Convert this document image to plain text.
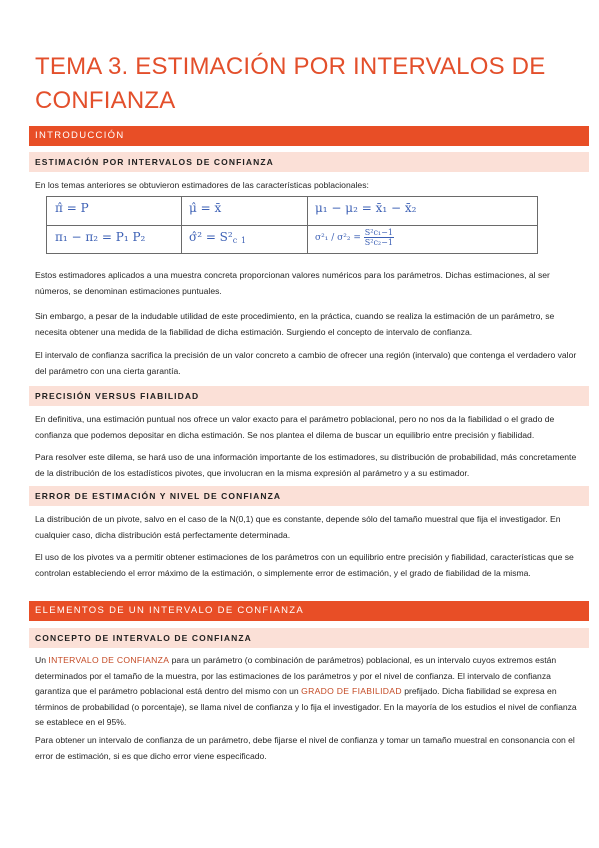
TEMA 3. ESTIMACIÓN POR INTERVALOS DE CONFIANZA
INTRODUCCIÓN
ESTIMACIÓN POR INTERVALOS DE CONFIANZA

En los temas anteriores se obtuvieron estimadores de las características poblacionales:

π̂ = P	μ̂ = x̄	μ₁ − μ₂ = x̄₁ − x̄₂
π₁ − π₂ = P₁ P₂	σ̂² = $S^2_c$ $_1$	$\sigma^2_1 / \sigma^2_2 = \frac{\text{S²c₁−1}}{\text{S²c₂−1}}$

Estos estimadores aplicados a una muestra concreta proporcionan valores numéricos para los parámetros. Dichas estimaciones, al ser números, se denominan estimaciones puntuales.

Sin embargo, a pesar de la indudable utilidad de este procedimiento, en la práctica, cuando se realiza la estimación de un parámetro, se necesita obtener una medida de la fiabilidad de dicha estimación. Surgiendo el concepto de intervalo de confianza.

El intervalo de confianza sacrifica la precisión de un valor concreto a cambio de ofrecer una región (intervalo) que contenga el verdadero valor del parámetro con una cierta garantía.

PRECISIÓN VERSUS FIABILIDAD

En definitiva, una estimación puntual nos ofrece un valor exacto para el parámetro poblacional, pero no nos da la fiabilidad o el grado de confianza que podemos depositar en dicha estimación. Se nos plantea el dilema de buscar un equilibrio entre precisión y fiabilidad.

Para resolver este dilema, se hará uso de una información importante de los estimadores, su distribución de probabilidad, más concretamente de la distribución de los estadísticos pivotes, que involucran en la misma expresión al parámetro y a su estimador.

ERROR DE ESTIMACIÓN Y NIVEL DE CONFIANZA

La distribución de un pivote, salvo en el caso de la N(0,1) que es constante, depende sólo del tamaño muestral que fija el investigador. En cualquier caso, dicha distribución está perfectamente determinada.

El uso de los pivotes va a permitir obtener estimaciones de los parámetros con un equilibrio entre precisión y fiabilidad, características que se controlan estableciendo el error máximo de la estimación, o simplemente error de estimación, y el grado de fiabilidad de la misma.

ELEMENTOS DE UN INTERVALO DE CONFIANZA
CONCEPTO DE INTERVALO DE CONFIANZA

Un INTERVALO DE CONFIANZA para un parámetro (o combinación de parámetros) poblacional, es un intervalo cuyos extremos están determinados por el tamaño de la muestra, por las estimaciones de los parámetros y por el nivel de confianza. El intervalo de confianza garantiza que el parámetro poblacional está dentro del mismo con un GRADO DE FIABILIDAD prefijado. Dicha fiabilidad se expresa en términos de probabilidad (o porcentaje), se llama nivel de confianza y lo fija el investigador. En la mayoría de los estudios el nivel de confianza se establece en el 95%.

Para obtener un intervalo de confianza de un parámetro, debe fijarse el nivel de confianza y tomar un tamaño muestral en consonancia con el error de estimación, si es que dicho error viene especificado.
